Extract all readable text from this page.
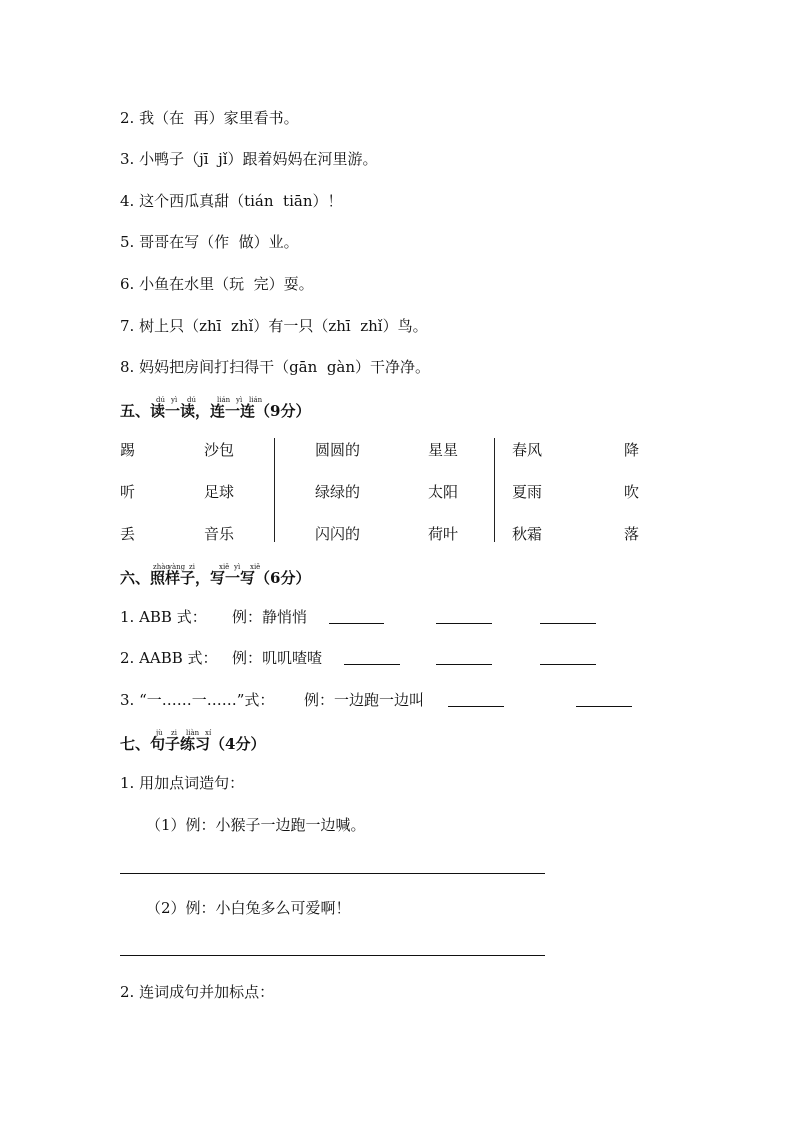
2. 我（在  再）家里看书。
3. 小鸭子（jī  jǐ）跟着妈妈在河里游。
4. 这个西瓜真甜（tián  tiān）！
5. 哥哥在写（作  做）业。
6. 小鱼在水里（玩  完）耍。
7. 树上只（zhī  zhǐ）有一只（zhī  zhǐ）鸟。
8. 妈妈把房间打扫得干（gān  gàn）干净净。
dú yì dú	lián yì lián
五、读一读，连一连（9分）
踢
听
丢
沙包
足球
音乐
圆圆的
绿绿的
闪闪的
星星
太阳
荷叶
春风
夏雨
秋霜
降
吹
落
zhào
yàng zi	xiě yì xiě
六、照样子，写一写（6分）
1. ABB 式： 例：静悄悄
2. AABB 式： 例：叽叽喳喳
3. “一……一……”式： 例：一边跑一边叫
jù zi liàn xí
七、句子练习（4分）
1. 用加点词造句：
（1）例：小猴子一边跑一边喊。
（2）例：小白兔多么可爱啊！
2. 连词成句并加标点：
